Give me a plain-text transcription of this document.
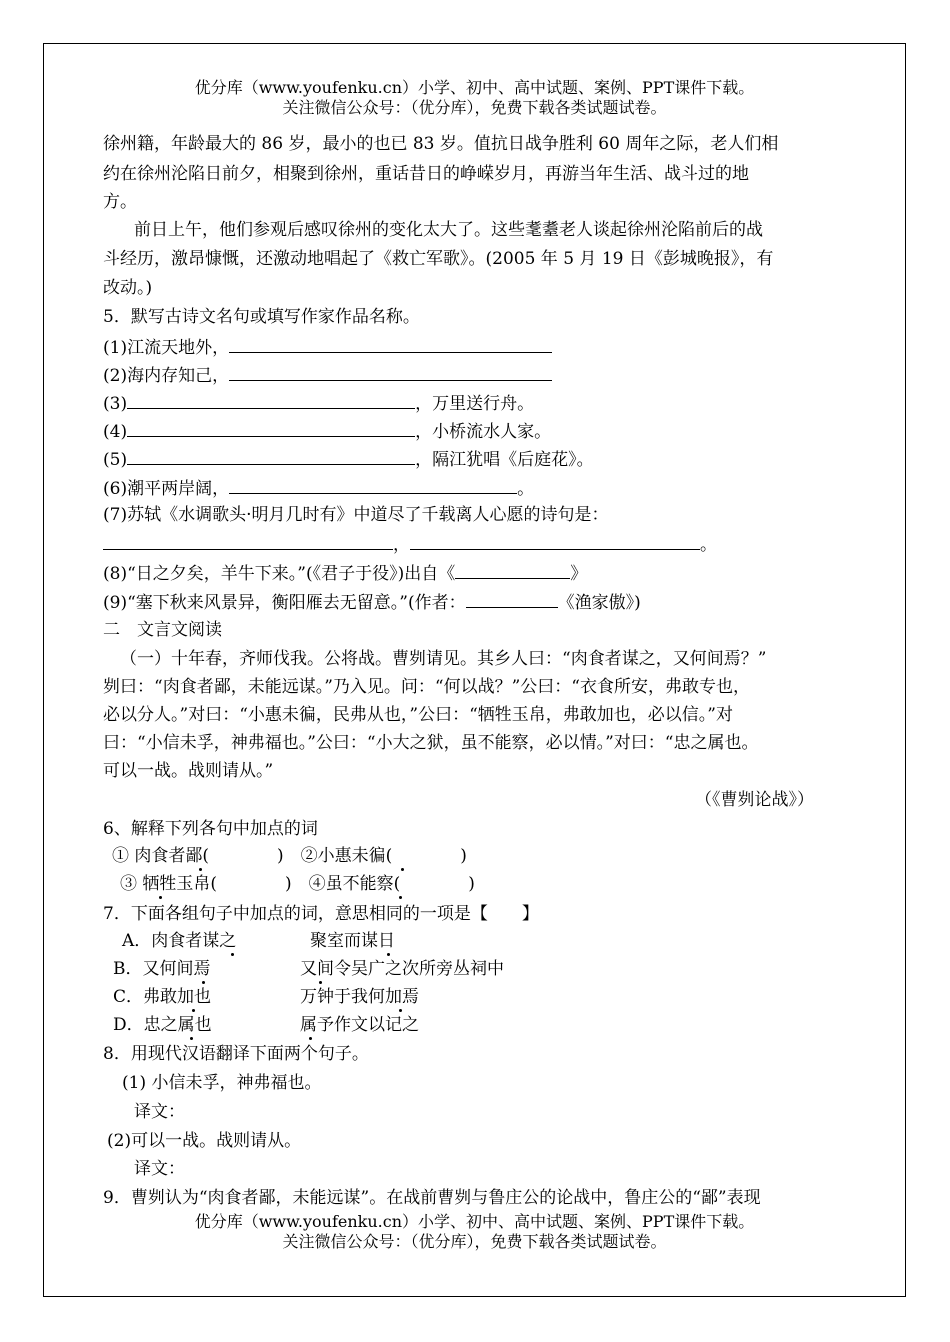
优分库（www.youfenku.cn）小学、初中、高中试题、案例、PPT课件下载。
关注微信公众号：（优分库），免费下载各类试题试卷。
徐州籍，年龄最大的 86 岁，最小的也已 83 岁。值抗日战争胜利 60 周年之际，老人们相
约在徐州沦陷日前夕，相聚到徐州，重话昔日的峥嵘岁月，再游当年生活、战斗过的地
方。
前日上午，他们参观后感叹徐州的变化太大了。这些耄耋老人谈起徐州沦陷前后的战
斗经历，激昂慷慨，还激动地唱起了《救亡军歌》。(2005 年 5 月 19 日《彭城晚报》，有
改动。)
5．默写古诗文名句或填写作家作品名称。
(1)江流天地外，
(2)海内存知己，
(3)	，万里送行舟。
(4)	，小桥流水人家。
(5)	，隔江犹唱《后庭花》。
(6)潮平两岸阔，	。
(7)苏轼《水调歌头·明月几时有》中道尽了千载离人心愿的诗句是：
，	。
(8)“日之夕矣，羊牛下来。”(《君子于役》)出自《	》
(9)“塞下秋来风景异，衡阳雁去无留意。”(作者：	《渔家傲》)
二　文言文阅读
（一）十年春，齐师伐我。公将战。曹刿请见。其乡人曰：“肉食者谋之，又何间焉？”
刿曰：“肉食者鄙，未能远谋。”乃入见。问：“何以战？”公曰：“衣食所安，弗敢专也，
必以分人。”对曰：“小惠未徧，民弗从也，”公曰：“牺牲玉帛，弗敢加也，必以信。”对
曰：“小信未孚，神弗福也。”公曰：“小大之狱，虽不能察，必以情。”对曰：“忠之属也。
可以一战。战则请从。”
（《曹刿论战》）
6、解释下列各句中加点的词
① 肉食者鄙(　　　　)　②小惠未徧(　　　　)
③ 牺牲玉帛(　　　　)　④虽不能察(　　　　)
7．下面各组句子中加点的词，意思相同的一项是【　　】
A．肉食者谋之	聚室而谋日
B．又何间焉	又间令吴广之次所旁丛祠中
C．弗敢加也	万钟于我何加焉
D．忠之属也	属予作文以记之
8．用现代汉语翻译下面两个句子。
(1) 小信未孚，神弗福也。
译文：
(2)可以一战。战则请从。
译文：
9．曹刿认为“肉食者鄙，未能远谋”。在战前曹刿与鲁庄公的论战中，鲁庄公的“鄙”表现
优分库（www.youfenku.cn）小学、初中、高中试题、案例、PPT课件下载。
关注微信公众号：（优分库），免费下载各类试题试卷。
